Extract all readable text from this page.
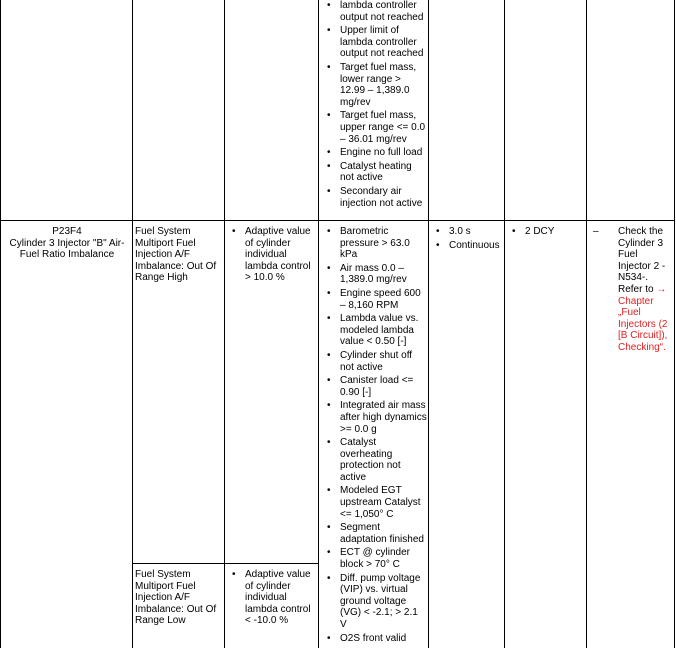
• lambda controller output not reached
• Upper limit of lambda controller output not reached
• Target fuel mass, lower range > 12.99 – 1,389.0 mg/rev
• Target fuel mass, upper range <= 0.0 – 36.01 mg/rev
• Engine no full load
• Catalyst heating not active
• Secondary air injection not active
P23F4
Cylinder 3 Injector "B" Air-Fuel Ratio Imbalance
Fuel System Multiport Fuel Injection A/F Imbalance: Out Of Range High
Fuel System Multiport Fuel Injection A/F Imbalance: Out Of Range Low
• Adaptive value of cylinder individual lambda control > 10.0 %
• Adaptive value of cylinder individual lambda control < -10.0 %
• Barometric pressure > 63.0 kPa
• Air mass 0.0 – 1,389.0 mg/rev
• Engine speed 600 – 8,160 RPM
• Lambda value vs. modeled lambda value < 0.50 [-]
• Cylinder shut off not active
• Canister load <= 0.90 [-]
• Integrated air mass after high dynamics >= 0.0 g
• Catalyst overheating protection not active
• Modeled EGT upstream Catalyst <= 1,050° C
• Segment adaptation finished
• ECT @ cylinder block > 70° C
• Diff. pump voltage (VIP) vs. virtual ground voltage (VG) < -2.1; > 2.1 V
• O2S front valid
• 3.0 s
• Continuous
• 2 DCY
–	Check the Cylinder 3 Fuel Injector 2 -N534-. Refer to → Chapter „Fuel Injectors (2 [B Circuit]), Checking“.
